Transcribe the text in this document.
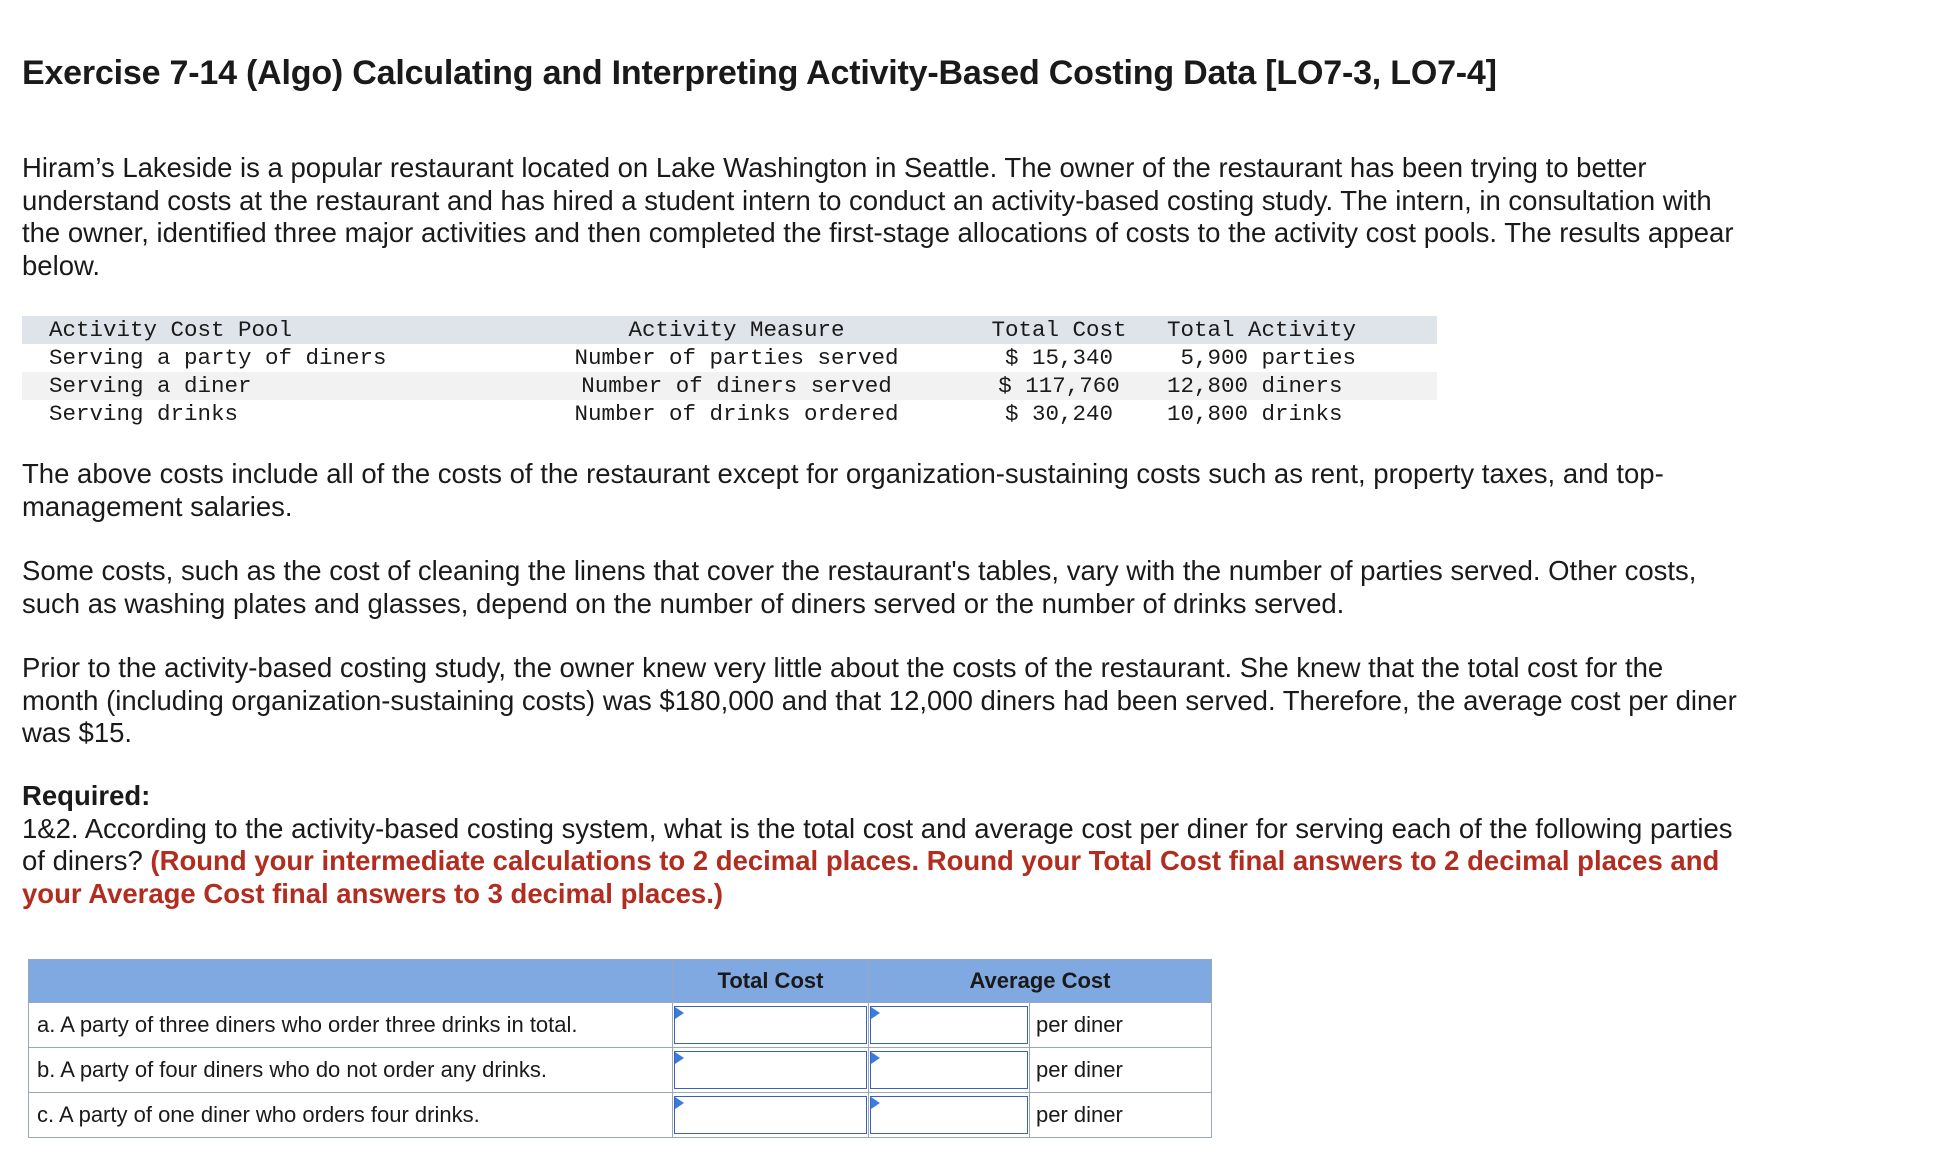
Exercise 7-14 (Algo) Calculating and Interpreting Activity-Based Costing Data [LO7-3, LO7-4]
Hiram’s Lakeside is a popular restaurant located on Lake Washington in Seattle. The owner of the restaurant has been trying to better understand costs at the restaurant and has hired a student intern to conduct an activity-based costing study. The intern, in consultation with the owner, identified three major activities and then completed the first-stage allocations of costs to the activity cost pools. The results appear below.
Activity Cost Pool	Activity Measure	Total Cost	Total Activity
Serving a party of diners	Number of parties served	$ 15,340	5,900 parties
Serving a diner	Number of diners served	$ 117,760	12,800 diners
Serving drinks	Number of drinks ordered	$ 30,240	10,800 drinks
The above costs include all of the costs of the restaurant except for organization-sustaining costs such as rent, property taxes, and top-management salaries.
Some costs, such as the cost of cleaning the linens that cover the restaurant's tables, vary with the number of parties served. Other costs, such as washing plates and glasses, depend on the number of diners served or the number of drinks served.
Prior to the activity-based costing study, the owner knew very little about the costs of the restaurant. She knew that the total cost for the month (including organization-sustaining costs) was $180,000 and that 12,000 diners had been served. Therefore, the average cost per diner was $15.
Required:
1&2. According to the activity-based costing system, what is the total cost and average cost per diner for serving each of the following parties of diners? (Round your intermediate calculations to 2 decimal places. Round your Total Cost final answers to 2 decimal places and your Average Cost final answers to 3 decimal places.)
	Total Cost	Average Cost	
a. A party of three diners who order three drinks in total.			per diner
b. A party of four diners who do not order any drinks.			per diner
c. A party of one diner who orders four drinks.			per diner
